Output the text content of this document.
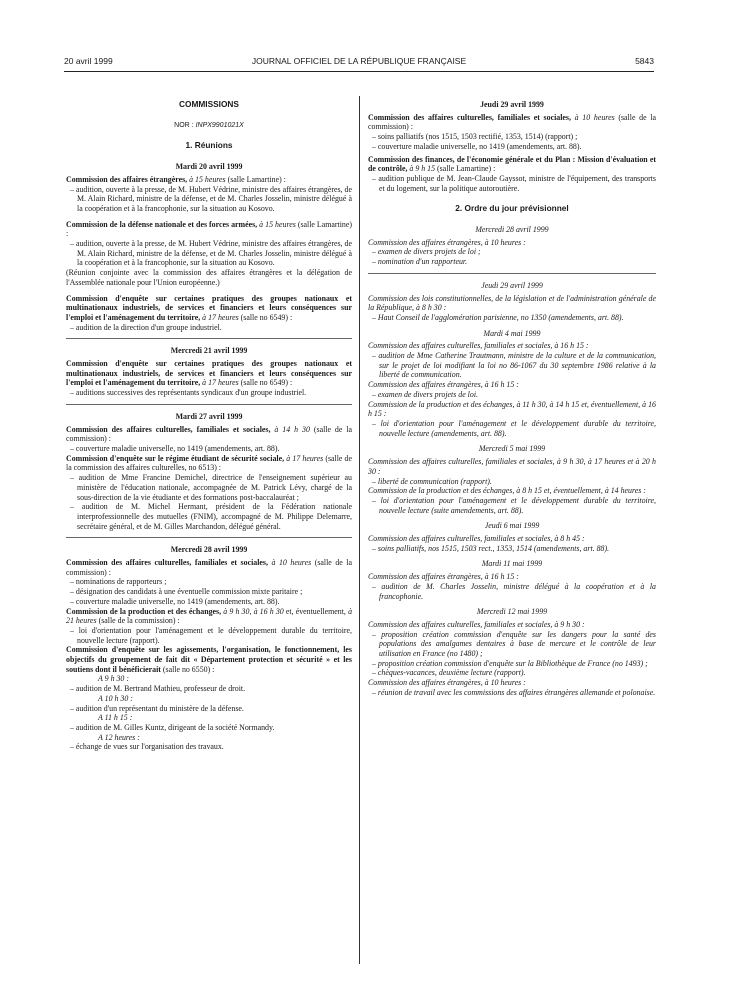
20 avril 1999	JOURNAL OFFICIEL DE LA RÉPUBLIQUE FRANÇAISE	5843
COMMISSIONS
NOR : INPX9901021X
1. Réunions
Mardi 20 avril 1999
Commission des affaires étrangères, à 15 heures (salle Lamartine) :
– audition, ouverte à la presse, de M. Hubert Védrine, ministre des affaires étrangères, de M. Alain Richard, ministre de la défense, et de M. Charles Josselin, ministre délégué à la coopération et à la francophonie, sur la situation au Kosovo.
Commission de la défense nationale et des forces armées, à 15 heures (salle Lamartine) :
– audition, ouverte à la presse, de M. Hubert Védrine, ministre des affaires étrangères, de M. Alain Richard, ministre de la défense, et de M. Charles Josselin, ministre délégué à la coopération et à la francophonie, sur la situation au Kosovo.
(Réunion conjointe avec la commission des affaires étrangères et la délégation de l'Assemblée nationale pour l'Union européenne.)
Commission d'enquête sur certaines pratiques des groupes nationaux et multinationaux industriels, de services et financiers et leurs conséquences sur l'emploi et l'aménagement du territoire, à 17 heures (salle no 6549) :
– audition de la direction d'un groupe industriel.
Mercredi 21 avril 1999
Commission d'enquête sur certaines pratiques des groupes nationaux et multinationaux industriels, de services et financiers et leurs conséquences sur l'emploi et l'aménagement du territoire, à 17 heures (salle no 6549) :
– auditions successives des représentants syndicaux d'un groupe industriel.
Mardi 27 avril 1999
Commission des affaires culturelles, familiales et sociales, à 14 h 30 (salle de la commission) :
– couverture maladie universelle, no 1419 (amendements, art. 88).
Commission d'enquête sur le régime étudiant de sécurité sociale, à 17 heures (salle de la commission des affaires culturelles, no 6513) :
– audition de Mme Francine Demichel, directrice de l'enseignement supérieur au ministère de l'éducation nationale, accompagnée de M. Patrick Lévy, chargé de la sous-direction de la vie étudiante et des formations post-baccalauréat ;
– audition de M. Michel Hermant, président de la Fédération nationale interprofessionnelle des mutuelles (FNIM), accompagné de M. Philippe Delemarre, secrétaire général, et de M. Gilles Marchandon, délégué général.
Mercredi 28 avril 1999
Commission des affaires culturelles, familiales et sociales, à 10 heures (salle de la commission) :
– nominations de rapporteurs ;
– désignation des candidats à une éventuelle commission mixte paritaire ;
– couverture maladie universelle, no 1419 (amendements, art. 88).
Commission de la production et des échanges, à 9 h 30, à 16 h 30 et, éventuellement, à 21 heures (salle de la commission) :
– loi d'orientation pour l'aménagement et le développement durable du territoire, nouvelle lecture (rapport).
Commission d'enquête sur les agissements, l'organisation, le fonctionnement, les objectifs du groupement de fait dit « Département protection et sécurité » et les soutiens dont il bénéficierait (salle no 6550) :
A 9 h 30 :
– audition de M. Bertrand Mathieu, professeur de droit.
A 10 h 30 :
– audition d'un représentant du ministère de la défense.
A 11 h 15 :
– audition de M. Gilles Kuntz, dirigeant de la société Normandy.
A 12 heures :
– échange de vues sur l'organisation des travaux.
Jeudi 29 avril 1999
Commission des affaires culturelles, familiales et sociales, à 10 heures (salle de la commission) :
– soins palliatifs (nos 1515, 1503 rectifié, 1353, 1514) (rapport) ;
– couverture maladie universelle, no 1419 (amendements, art. 88).
Commission des finances, de l'économie générale et du Plan : Mission d'évaluation et de contrôle, à 9 h 15 (salle Lamartine) :
– audition publique de M. Jean-Claude Gayssot, ministre de l'équipement, des transports et du logement, sur la politique autoroutière.
2. Ordre du jour prévisionnel
Mercredi 28 avril 1999
Commission des affaires étrangères, à 10 heures :
– examen de divers projets de loi ;
– nomination d'un rapporteur.
Jeudi 29 avril 1999
Commission des lois constitutionnelles, de la législation et de l'administration générale de la République, à 8 h 30 :
– Haut Conseil de l'agglomération parisienne, no 1350 (amendements, art. 88).
Mardi 4 mai 1999
Commission des affaires culturelles, familiales et sociales, à 16 h 15 :
– audition de Mme Catherine Trautmann, ministre de la culture et de la communication, sur le projet de loi modifiant la loi no 86-1067 du 30 septembre 1986 relative à la liberté de communication.
Commission des affaires étrangères, à 16 h 15 :
– examen de divers projets de loi.
Commission de la production et des échanges, à 11 h 30, à 14 h 15 et, éventuellement, à 16 h 15 :
– loi d'orientation pour l'aménagement et le développement durable du territoire, nouvelle lecture (amendements, art. 88).
Mercredi 5 mai 1999
Commission des affaires culturelles, familiales et sociales, à 9 h 30, à 17 heures et à 20 h 30 :
– liberté de communication (rapport).
Commission de la production et des échanges, à 8 h 15 et, éventuellement, à 14 heures :
– loi d'orientation pour l'aménagement et le développement durable du territoire, nouvelle lecture (suite amendements, art. 88).
Jeudi 6 mai 1999
Commission des affaires culturelles, familiales et sociales, à 8 h 45 :
– soins palliatifs, nos 1515, 1503 rect., 1353, 1514 (amendements, art. 88).
Mardi 11 mai 1999
Commission des affaires étrangères, à 16 h 15 :
– audition de M. Charles Josselin, ministre délégué à la coopération et à la francophonie.
Mercredi 12 mai 1999
Commission des affaires culturelles, familiales et sociales, à 9 h 30 :
– proposition création commission d'enquête sur les dangers pour la santé des populations des amalgames dentaires à base de mercure et le contrôle de leur utilisation en France (no 1480) ;
– proposition création commission d'enquête sur la Bibliothèque de France (no 1493) ;
– chèques-vacances, deuxième lecture (rapport).
Commission des affaires étrangères, à 10 heures :
– réunion de travail avec les commissions des affaires étrangères allemande et polonaise.
